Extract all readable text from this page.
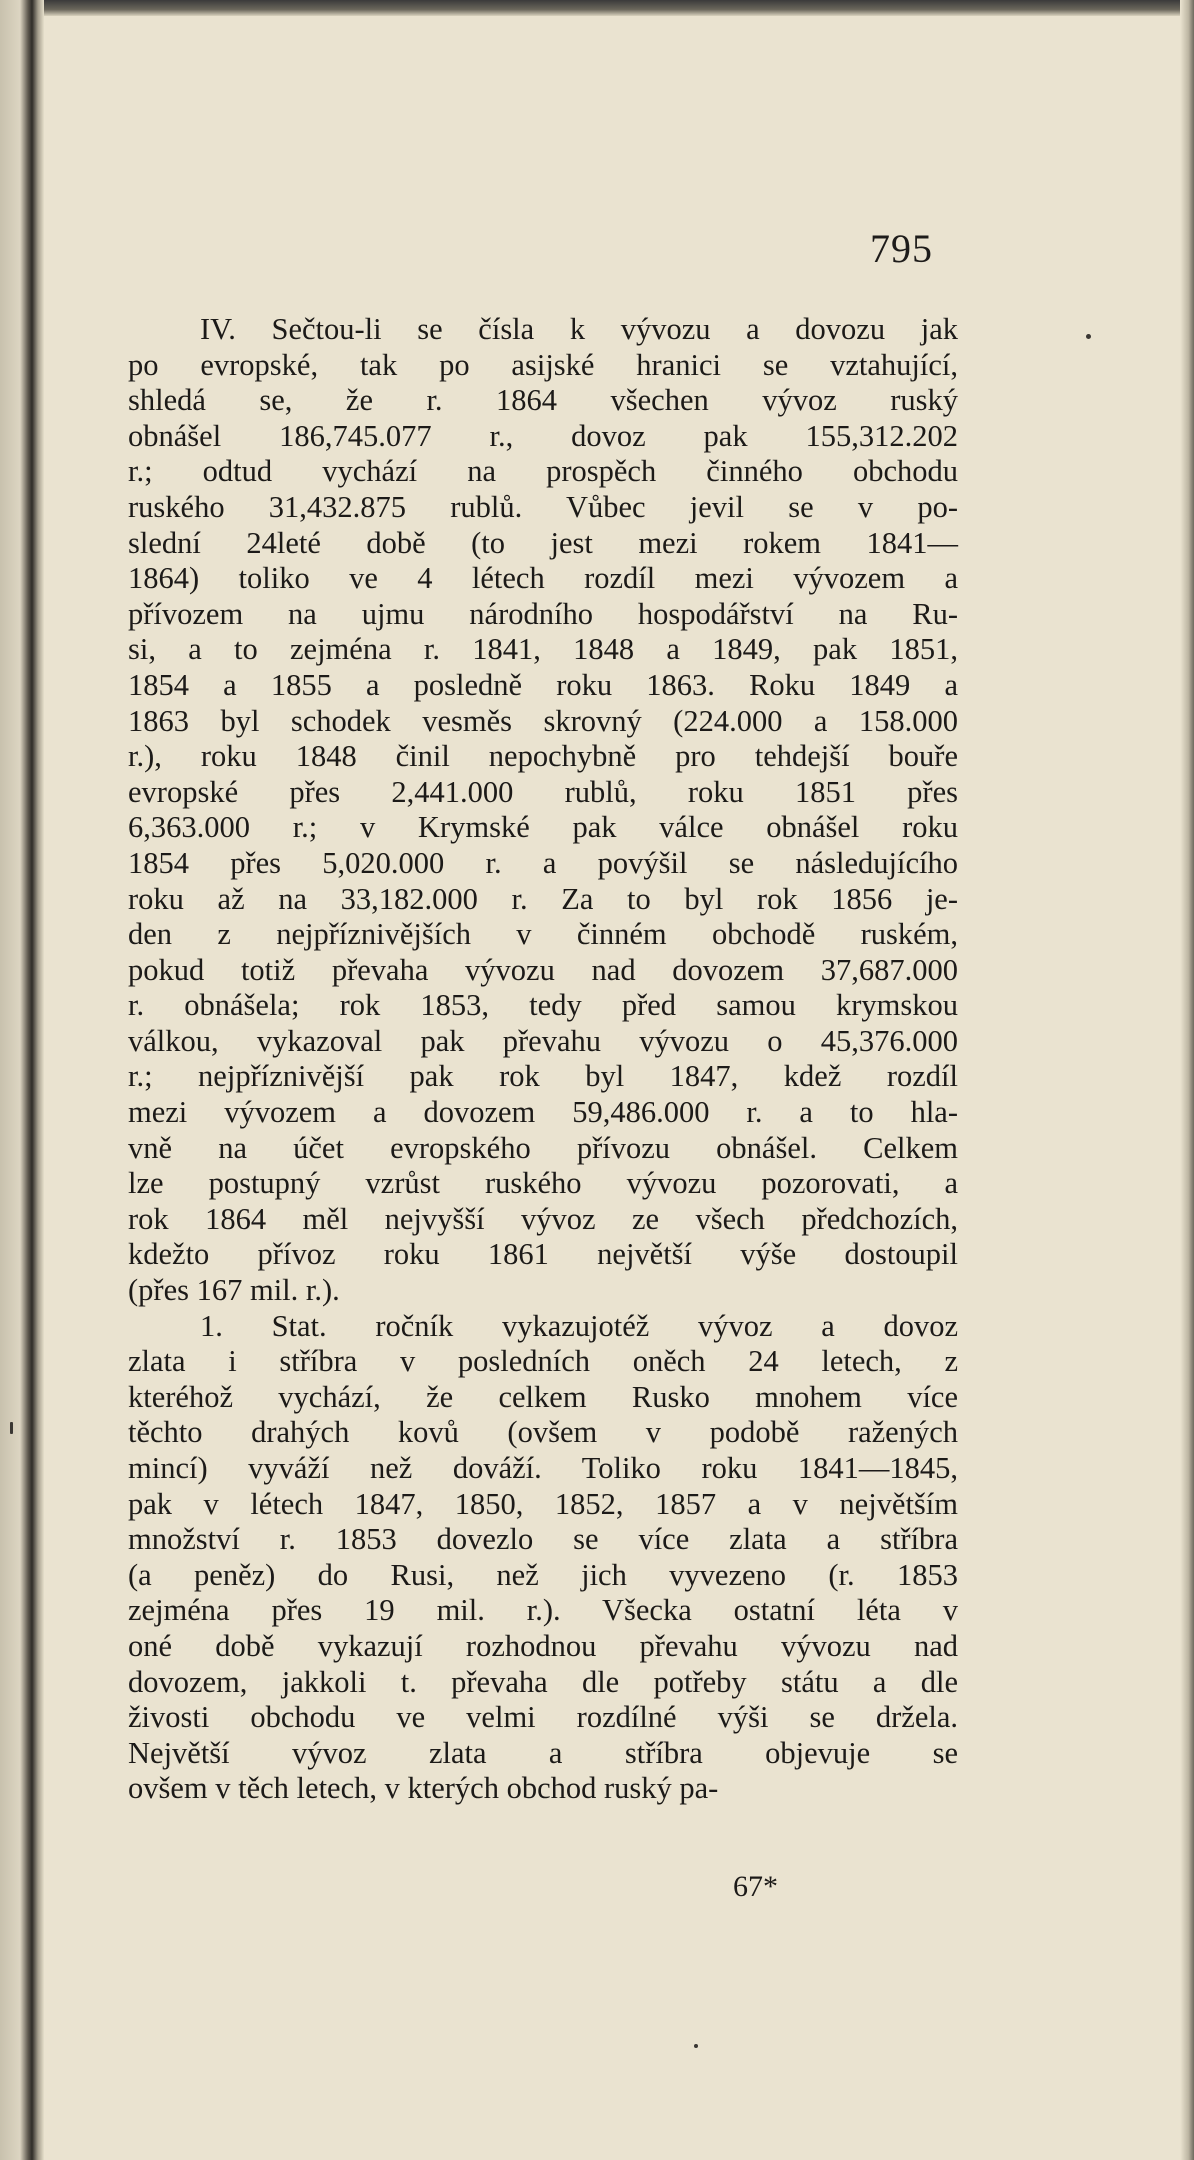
795
IV. Sečtou-li se čísla k vývozu a dovozu jak
po evropské, tak po asijské hranici se vztahující,
shledá se, že r. 1864 všechen vývoz ruský
obnášel 186,745.077 r., dovoz pak 155,312.202
r.; odtud vychází na prospěch činného obchodu
ruského 31,432.875 rublů. Vůbec jevil se v po-
slední 24leté době (to jest mezi rokem 1841—
1864) toliko ve 4 létech rozdíl mezi vývozem a
přívozem na ujmu národního hospodářství na Ru-
si, a to zejména r. 1841, 1848 a 1849, pak 1851,
1854 a 1855 a posledně roku 1863. Roku 1849 a
1863 byl schodek vesměs skrovný (224.000 a 158.000
r.), roku 1848 činil nepochybně pro tehdejší bouře
evropské přes 2,441.000 rublů, roku 1851 přes
6,363.000 r.; v Krymské pak válce obnášel roku
1854 přes 5,020.000 r. a povýšil se následujícího
roku až na 33,182.000 r. Za to byl rok 1856 je-
den z nejpříznivějších v činném obchodě ruském,
pokud totiž převaha vývozu nad dovozem 37,687.000
r. obnášela; rok 1853, tedy před samou krymskou
válkou, vykazoval pak převahu vývozu o 45,376.000
r.; nejpříznivější pak rok byl 1847, kdež rozdíl
mezi vývozem a dovozem 59,486.000 r. a to hla-
vně na účet evropského přívozu obnášel. Celkem
lze postupný vzrůst ruského vývozu pozorovati, a
rok 1864 měl nejvyšší vývoz ze všech předchozích,
kdežto přívoz roku 1861 největší výše dostoupil
(přes 167 mil. r.).
1. Stat. ročník vykazujotéž vývoz a dovoz
zlata i stříbra v posledních oněch 24 letech, z
kteréhož vychází, že celkem Rusko mnohem více
těchto drahých kovů (ovšem v podobě ražených
mincí) vyváží než dováží. Toliko roku 1841—1845,
pak v létech 1847, 1850, 1852, 1857 a v největším
množství r. 1853 dovezlo se více zlata a stříbra
(a peněz) do Rusi, než jich vyvezeno (r. 1853
zejména přes 19 mil. r.). Všecka ostatní léta v
oné době vykazují rozhodnou převahu vývozu nad
dovozem, jakkoli t. převaha dle potřeby státu a dle
živosti obchodu ve velmi rozdílné výši se držela.
Největší vývoz zlata a stříbra objevuje se
ovšem v těch letech, v kterých obchod ruský pa-
67*
